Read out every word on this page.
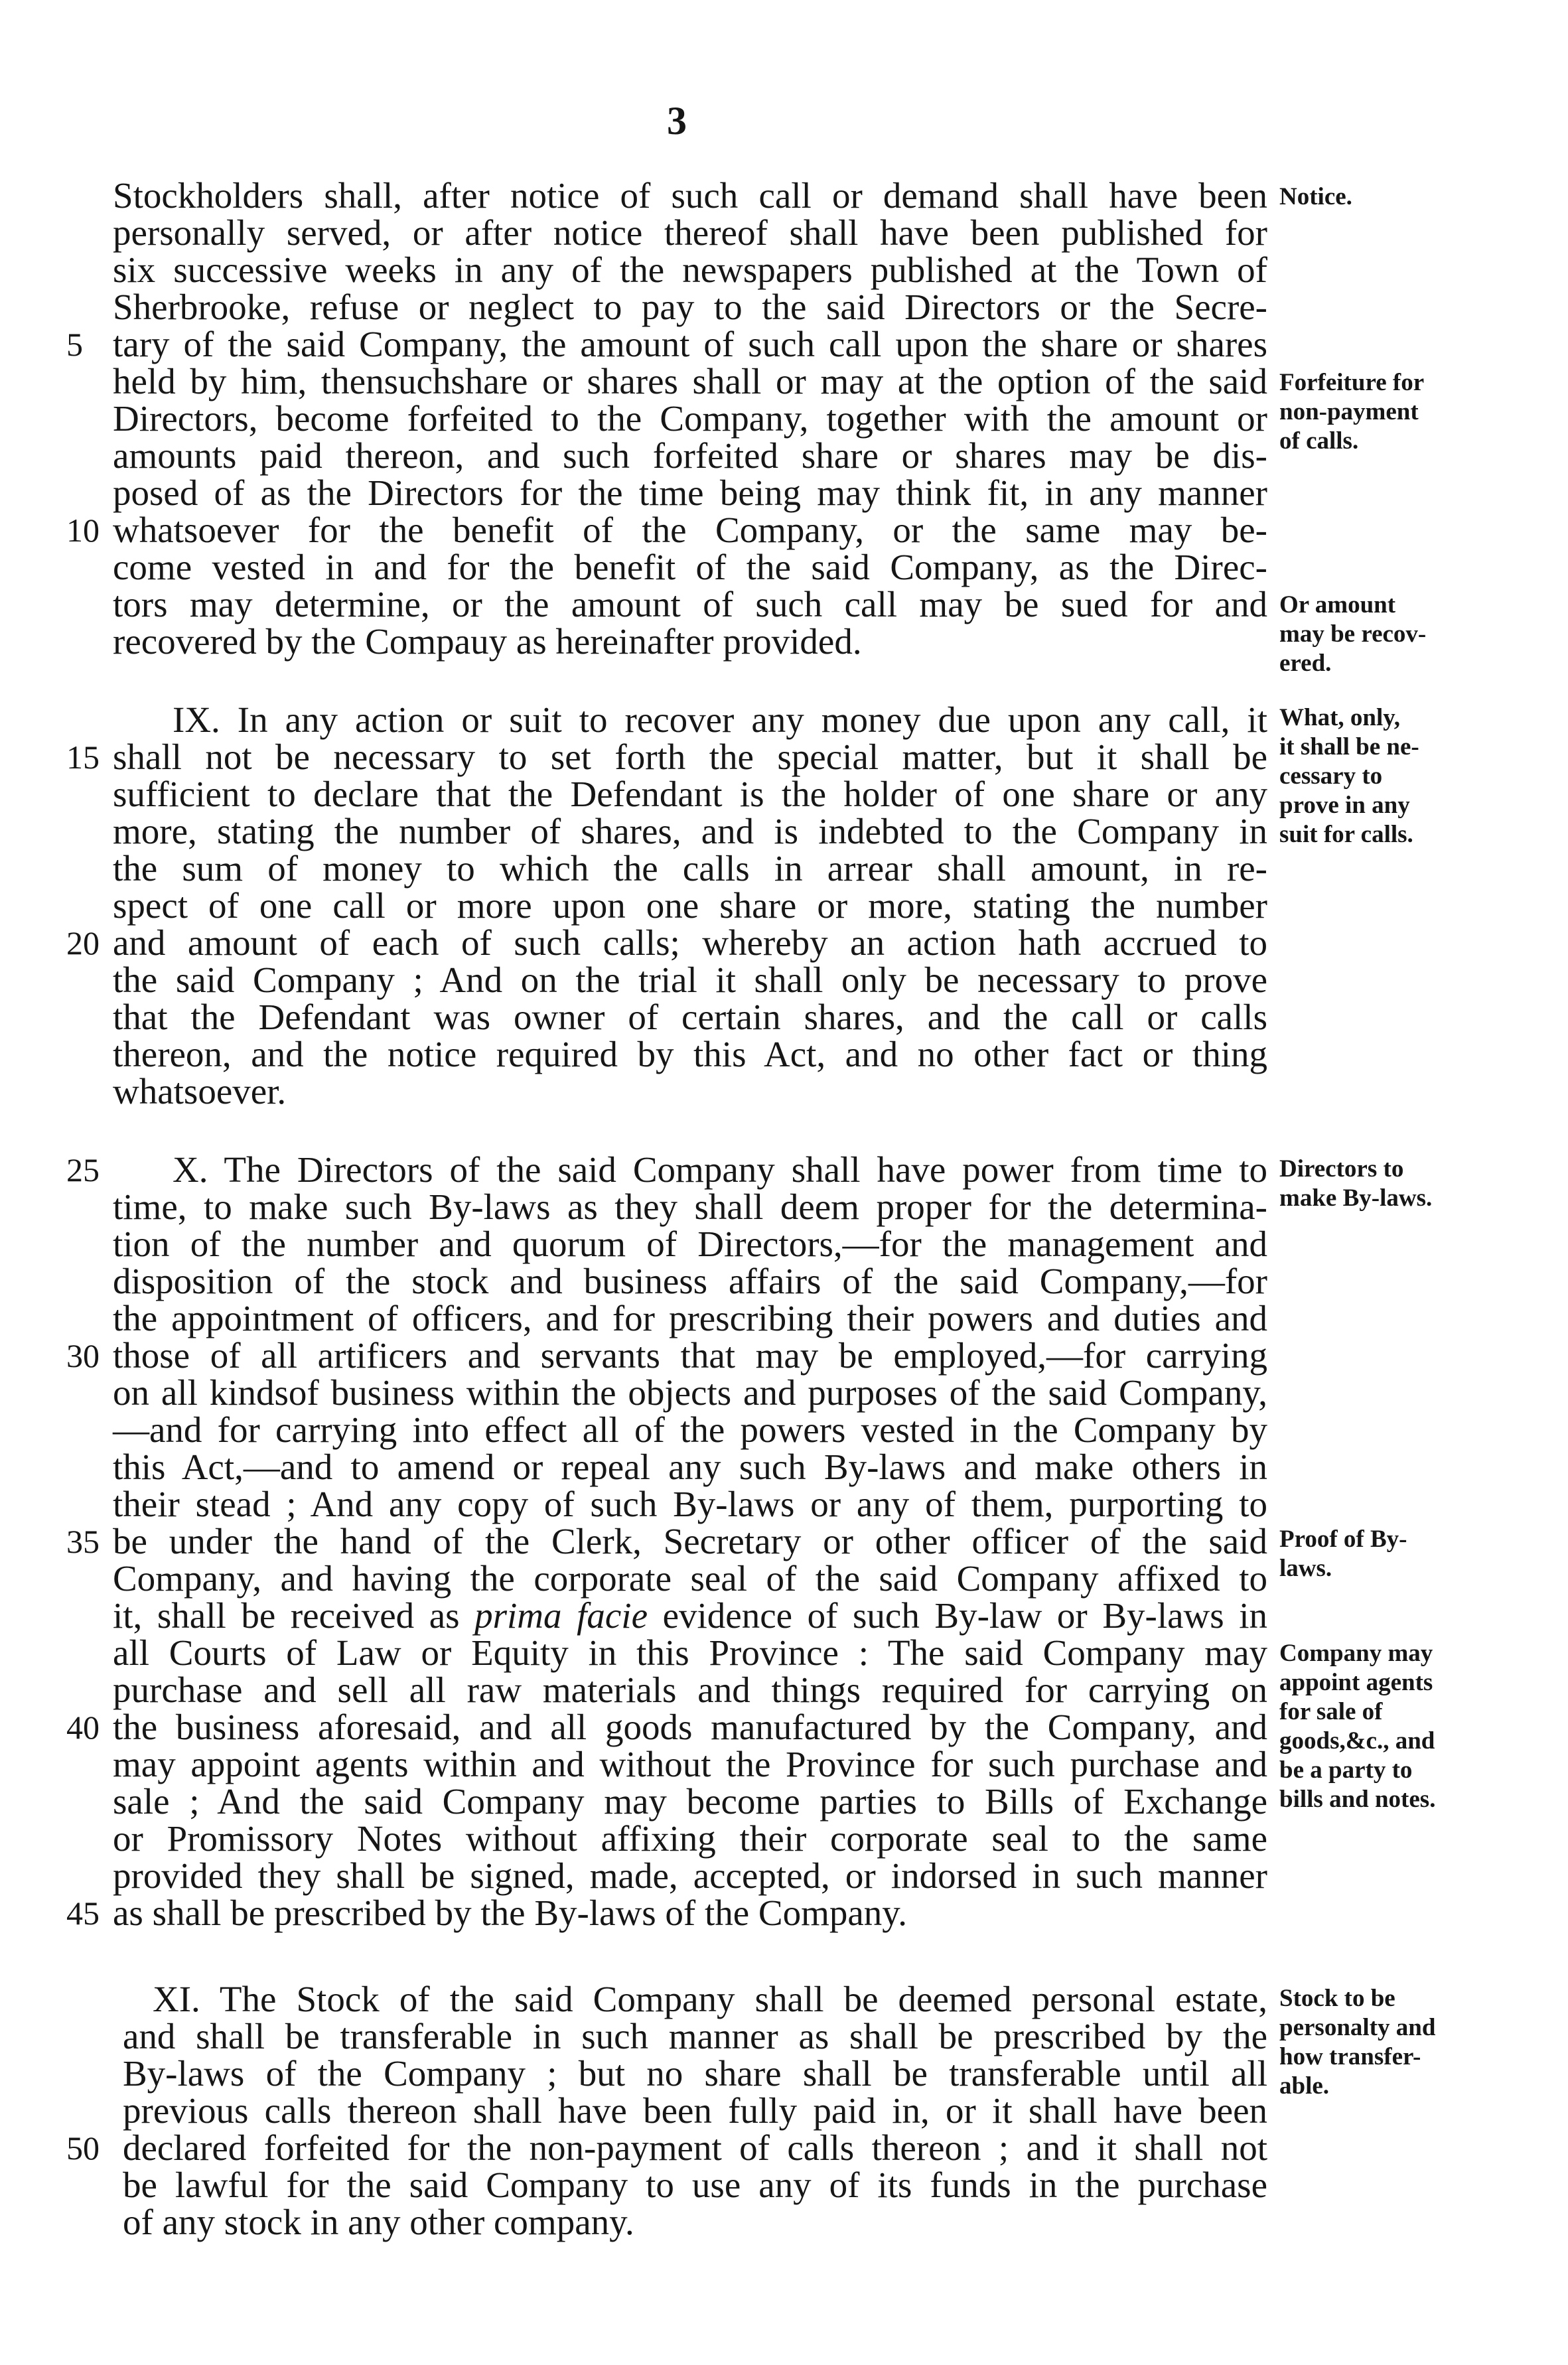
3
Stockholders shall, after notice of such call or demand shall have been
personally served, or after notice thereof shall have been published for
six successive weeks in any of the newspapers published at the Town of
Sherbrooke, refuse or neglect to pay to the said Directors or the Secre-
tary of the said Company, the amount of such call upon the share or shares
held by him, thensuchshare or shares shall or may at the option of the said
Directors, become forfeited to the Company, together with the amount or
amounts paid thereon, and such forfeited share or shares may be dis-
posed of as the Directors for the time being may think fit, in any manner
whatsoever for the benefit of the Company, or the same may be-
come vested in and for the benefit of the said Company, as the Direc-
tors may determine, or the amount of such call may be sued for and
recovered by the Compauy as hereinafter provided.
IX. In any action or suit to recover any money due upon any call, it
shall not be necessary to set forth the special matter, but it shall be
sufficient to declare that the Defendant is the holder of one share or any
more, stating the number of shares, and is indebted to the Company in
the sum of money to which the calls in arrear shall amount, in re-
spect of one call or more upon one share or more, stating the number
and amount of each of such calls; whereby an action hath accrued to
the said Company ; And on the trial it shall only be necessary to prove
that the Defendant was owner of certain shares, and the call or calls
thereon, and the notice required by this Act, and no other fact or thing
whatsoever.
X. The Directors of the said Company shall have power from time to
time, to make such By-laws as they shall deem proper for the determina-
tion of the number and quorum of Directors,—for the management and
disposition of the stock and business affairs of the said Company,—for
the appointment of officers, and for prescribing their powers and duties and
those of all artificers and servants that may be employed,—for carrying
on all kindsof business within the objects and purposes of the said Company,
—and for carrying into effect all of the powers vested in the Company by
this Act,—and to amend or repeal any such By-laws and make others in
their stead ; And any copy of such By-laws or any of them, purporting to
be under the hand of the Clerk, Secretary or other officer of the said
Company, and having the corporate seal of the said Company affixed to
it, shall be received as prima facie evidence of such By-law or By-laws in
all Courts of Law or Equity in this Province : The said Company may
purchase and sell all raw materials and things required for carrying on
the business aforesaid, and all goods manufactured by the Company, and
may appoint agents within and without the Province for such purchase and
sale ; And the said Company may become parties to Bills of Exchange
or Promissory Notes without affixing their corporate seal to the same
provided they shall be signed, made, accepted, or indorsed in such manner
as shall be prescribed by the By-laws of the Company.
XI. The Stock of the said Company shall be deemed personal estate,
and shall be transferable in such manner as shall be prescribed by the
By-laws of the Company ; but no share shall be transferable until all
previous calls thereon shall have been fully paid in, or it shall have been
declared forfeited for the non-payment of calls thereon ; and it shall not
be lawful for the said Company to use any of its funds in the purchase
of any stock in any other company.
5
10
15
20
25
30
35
40
45
50
Notice.
Forfeiture for
non-payment
of calls.
Or amount
may be recov-
ered.
What, only,
it shall be ne-
cessary to
prove in any
suit for calls.
Directors to
make By-laws.
Proof of By-
laws.
Company may
appoint agents
for sale of
goods,&c., and
be a party to
bills and notes.
Stock to be
personalty and
how transfer-
able.
